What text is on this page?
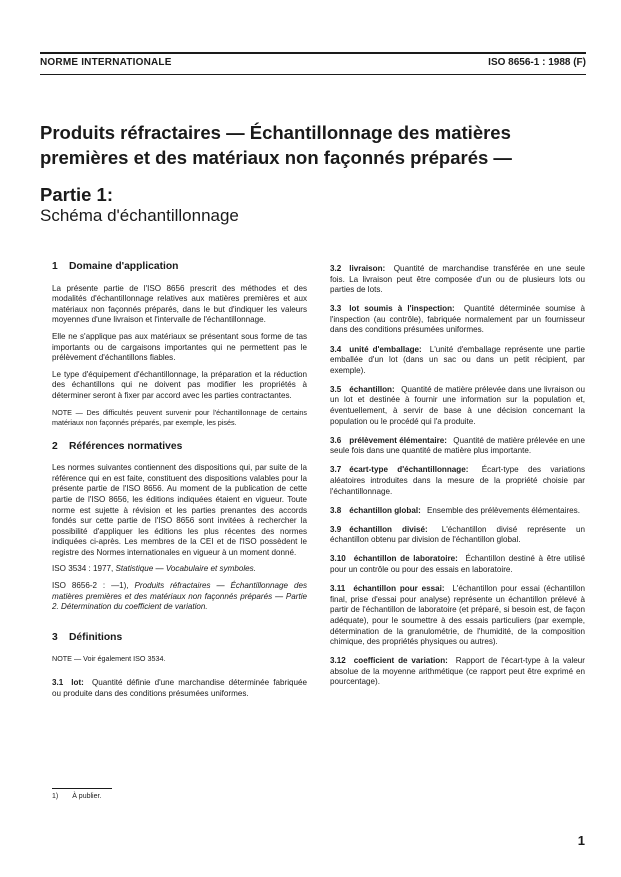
NORME INTERNATIONALE	ISO 8656-1 : 1988 (F)
Produits réfractaires — Échantillonnage des matières
premières et des matériaux non façonnés préparés —
Partie 1:
Schéma d'échantillonnage
1	Domaine d'application
La présente partie de l'ISO 8656 prescrit des méthodes et des modalités d'échantillonnage relatives aux matières premières et aux matériaux non façonnés préparés, dans le but d'indiquer les valeurs moyennes d'une livraison et l'intervalle de l'échantillonnage.
Elle ne s'applique pas aux matériaux se présentant sous forme de tas importants ou de cargaisons importantes qui ne permettent pas le prélèvement d'échantillons fiables.
Le type d'équipement d'échantillonnage, la préparation et la réduction des échantillons qui ne doivent pas modifier les propriétés à déterminer seront à fixer par accord avec les parties contractantes.
NOTE — Des difficultés peuvent survenir pour l'échantillonnage de certains matériaux non façonnés préparés, par exemple, les pisés.
2	Références normatives
Les normes suivantes contiennent des dispositions qui, par suite de la référence qui en est faite, constituent des dispositions valables pour la présente partie de l'ISO 8656. Au moment de la publication de cette partie de l'ISO 8656, les éditions indiquées étaient en vigueur. Toute norme est sujette à révision et les parties prenantes des accords fondés sur cette partie de l'ISO 8656 sont invitées à rechercher la possibilité d'appliquer les éditions les plus récentes des normes indiquées ci-après. Les membres de la CEI et de l'ISO possèdent le registre des Normes internationales en vigueur à un moment donné.
ISO 3534 : 1977, Statistique — Vocabulaire et symboles.
ISO 8656-2 : —1), Produits réfractaires — Échantillonnage des matières premières et des matériaux non façonnés préparés — Partie 2. Détermination du coefficient de variation.
3	Définitions
NOTE — Voir également ISO 3534.
3.1 lot: Quantité définie d'une marchandise déterminée fabriquée ou produite dans des conditions présumées uniformes.
3.2 livraison: Quantité de marchandise transférée en une seule fois. La livraison peut être composée d'un ou de plusieurs lots ou parties de lots.
3.3 lot soumis à l'inspection: Quantité déterminée soumise à l'inspection (au contrôle), fabriquée normalement par un fournisseur dans des conditions présumées uniformes.
3.4 unité d'emballage: L'unité d'emballage représente une partie emballée d'un lot (dans un sac ou dans un petit récipient, par exemple).
3.5 échantillon: Quantité de matière prélevée dans une livraison ou un lot et destinée à fournir une information sur la population et, éventuellement, à servir de base à une décision concernant la population ou le procédé qui l'a produite.
3.6 prélèvement élémentaire: Quantité de matière prélevée en une seule fois dans une quantité de matière plus importante.
3.7 écart-type d'échantillonnage: Écart-type des variations aléatoires introduites dans la mesure de la propriété choisie par l'échantillonnage.
3.8 échantillon global: Ensemble des prélèvements élémentaires.
3.9 échantillon divisé: L'échantillon divisé représente un échantillon obtenu par division de l'échantillon global.
3.10 échantillon de laboratoire: Échantillon destiné à être utilisé pour un contrôle ou pour des essais en laboratoire.
3.11 échantillon pour essai: L'échantillon pour essai (échantillon final, prise d'essai pour analyse) représente un échantillon prélevé à partir de l'échantillon de laboratoire (et préparé, si besoin est, de façon adéquate), pour le soumettre à des essais particuliers (par exemple, détermination de la granulométrie, de l'humidité, de la composition chimique, des propriétés physiques ou autres).
3.12 coefficient de variation: Rapport de l'écart-type à la valeur absolue de la moyenne arithmétique (ce rapport peut être exprimé en pourcentage).
1) À publier.
1
